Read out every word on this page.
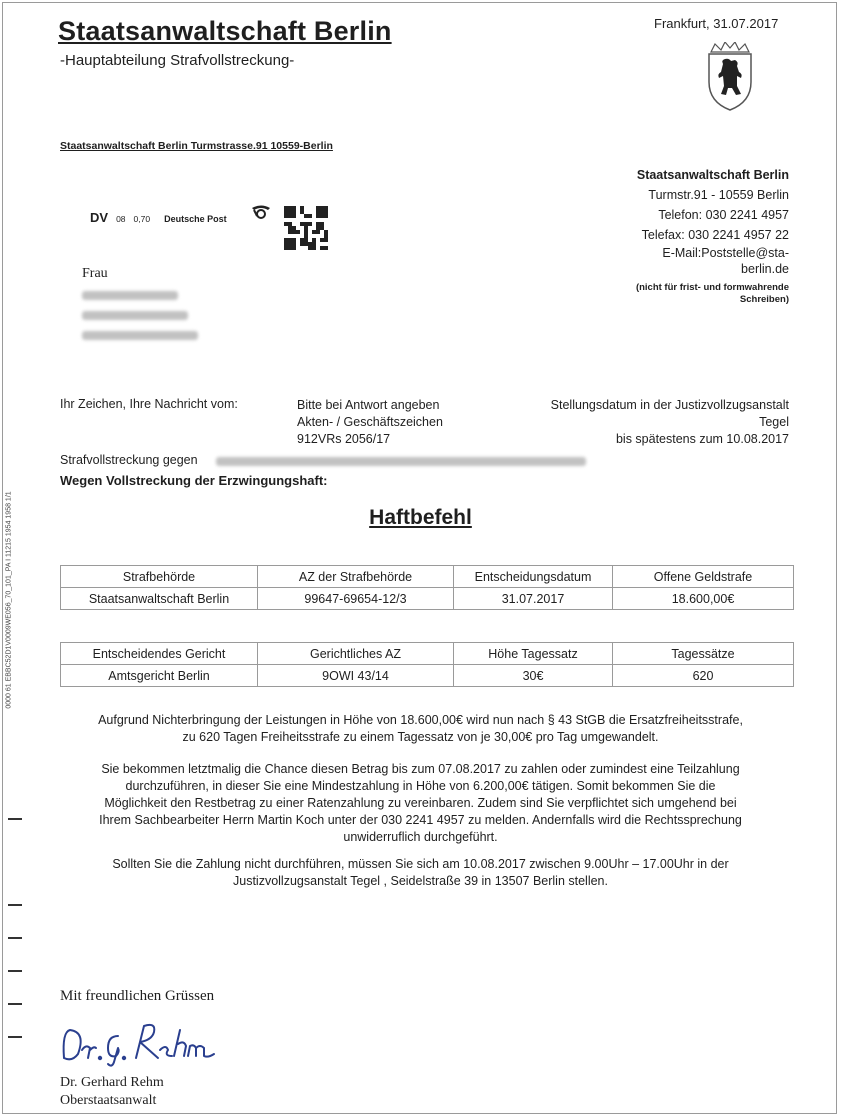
Staatsanwaltschaft Berlin
-Hauptabteilung Strafvollstreckung-
Frankfurt, 31.07.2017
Staatsanwaltschaft Berlin Turmstrasse.91 10559-Berlin
Staatsanwaltschaft Berlin
Turmstr.91 - 10559 Berlin
Telefon: 030 2241 4957
Telefax: 030 2241 4957 22
E-Mail:Poststelle@sta-
berlin.de
(nicht für frist- und formwahrende
Schreiben)
DV 08 0,70 Deutsche Post
Frau
Ihr Zeichen, Ihre Nachricht vom:	Bitte bei Antwort angeben
Akten- / Geschäftszeichen
912VRs 2056/17
Stellungsdatum in der Justizvollzugsanstalt
Tegel
bis spätestens zum 10.08.2017
Strafvollstreckung gegen
Wegen Vollstreckung der Erzwingungshaft:
Haftbefehl
Strafbehörde	AZ der Strafbehörde	Entscheidungsdatum	Offene Geldstrafe
Staatsanwaltschaft Berlin	99647-69654-12/3	31.07.2017	18.600,00€
Entscheidendes Gericht	Gerichtliches AZ	Höhe Tagessatz	Tagessätze
Amtsgericht Berlin	9OWI 43/14	30€	620
Aufgrund Nichterbringung der Leistungen in Höhe von 18.600,00€ wird nun nach § 43 StGB die Ersatzfreiheitsstrafe,
zu 620 Tagen Freiheitsstrafe zu einem Tagessatz von je 30,00€ pro Tag umgewandelt.
Sie bekommen letztmalig die Chance diesen Betrag bis zum 07.08.2017 zu zahlen oder zumindest eine Teilzahlung
durchzuführen, in dieser Sie eine Mindestzahlung in Höhe von 6.200,00€ tätigen. Somit bekommen Sie die
Möglichkeit den Restbetrag zu einer Ratenzahlung zu vereinbaren. Zudem sind Sie verpflichtet sich umgehend bei
Ihrem Sachbearbeiter Herrn Martin Koch unter der 030 2241 4957 zu melden. Andernfalls wird die Rechtssprechung
unwiderruflich durchgeführt.
Sollten Sie die Zahlung nicht durchführen, müssen Sie sich am 10.08.2017 zwischen 9.00Uhr – 17.00Uhr in der
Justizvollzugsanstalt Tegel , Seidelstraße 39 in 13507 Berlin stellen.
Mit freundlichen Grüssen
Dr. Gerhard Rehm
Oberstaatsanwalt
0000 61 EBBC52D1V0009WE056_70_101_PA I 11215 1954 1958 1/1
